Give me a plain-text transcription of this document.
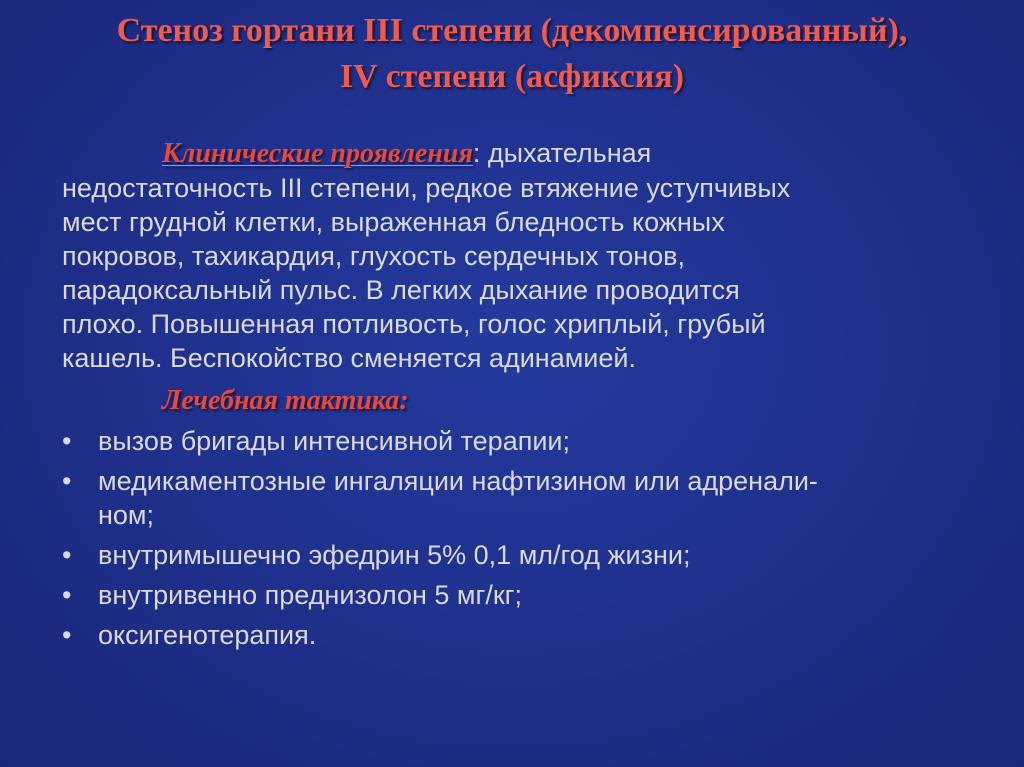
Стеноз гортани III степени (декомпенсированный),
IV степени (асфиксия)

Клинические проявления: дыхательная
недостаточность III степени, редкое втяжение уступчивых
мест грудной клетки, выраженная бледность кожных
покровов, тахикардия, глухость сердечных тонов,
парадоксальный пульс. В легких дыхание проводится
плохо. Повышенная потливость, голос хриплый, грубый
кашель. Беспокойство сменяется адинамией.

Лечебная тактика:
• вызов бригады интенсивной терапии;
• медикаментозные ингаляции нафтизином или адренали-
ном;
• внутримышечно эфедрин 5% 0,1 мл/год жизни;
• внутривенно преднизолон 5 мг/кг;
• оксигенотерапия.
